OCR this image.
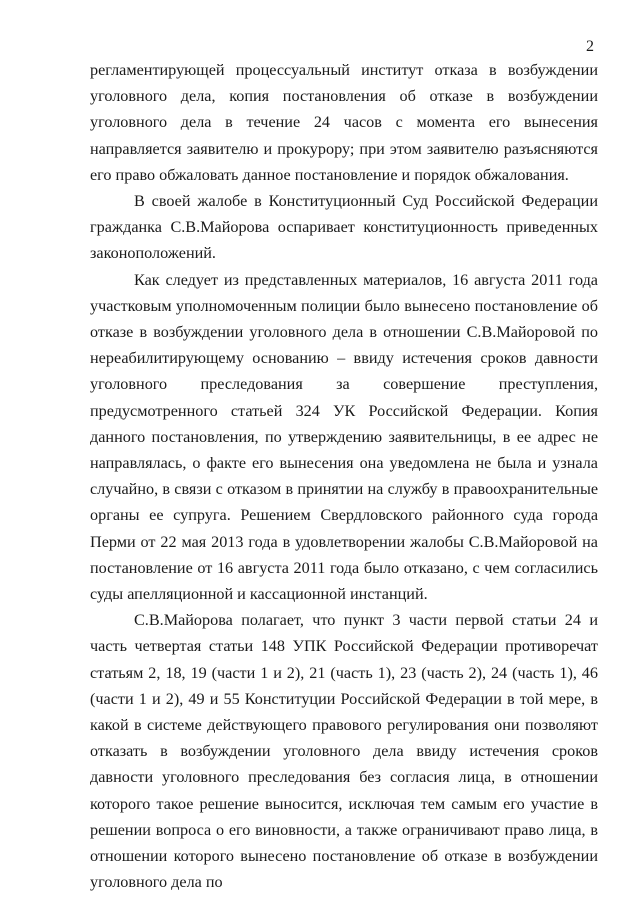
2

регламентирующей процессуальный институт отказа в возбуждении уголовного дела, копия постановления об отказе в возбуждении уголовного дела в течение 24 часов с момента его вынесения направляется заявителю и прокурору; при этом заявителю разъясняются его право обжаловать данное постановление и порядок обжалования.

В своей жалобе в Конституционный Суд Российской Федерации гражданка С.В.Майорова оспаривает конституционность приведенных законоположений.

Как следует из представленных материалов, 16 августа 2011 года участковым уполномоченным полиции было вынесено постановление об отказе в возбуждении уголовного дела в отношении С.В.Майоровой по нереабилитирующему основанию – ввиду истечения сроков давности уголовного преследования за совершение преступления, предусмотренного статьей 324 УК Российской Федерации. Копия данного постановления, по утверждению заявительницы, в ее адрес не направлялась, о факте его вынесения она уведомлена не была и узнала случайно, в связи с отказом в принятии на службу в правоохранительные органы ее супруга. Решением Свердловского районного суда города Перми от 22 мая 2013 года в удовлетворении жалобы С.В.Майоровой на постановление от 16 августа 2011 года было отказано, с чем согласились суды апелляционной и кассационной инстанций.

С.В.Майорова полагает, что пункт 3 части первой статьи 24 и часть четвертая статьи 148 УПК Российской Федерации противоречат статьям 2, 18, 19 (части 1 и 2), 21 (часть 1), 23 (часть 2), 24 (часть 1), 46 (части 1 и 2), 49 и 55 Конституции Российской Федерации в той мере, в какой в системе действующего правового регулирования они позволяют отказать в возбуждении уголовного дела ввиду истечения сроков давности уголовного преследования без согласия лица, в отношении которого такое решение выносится, исключая тем самым его участие в решении вопроса о его виновности, а также ограничивают право лица, в отношении которого вынесено постановление об отказе в возбуждении уголовного дела по
